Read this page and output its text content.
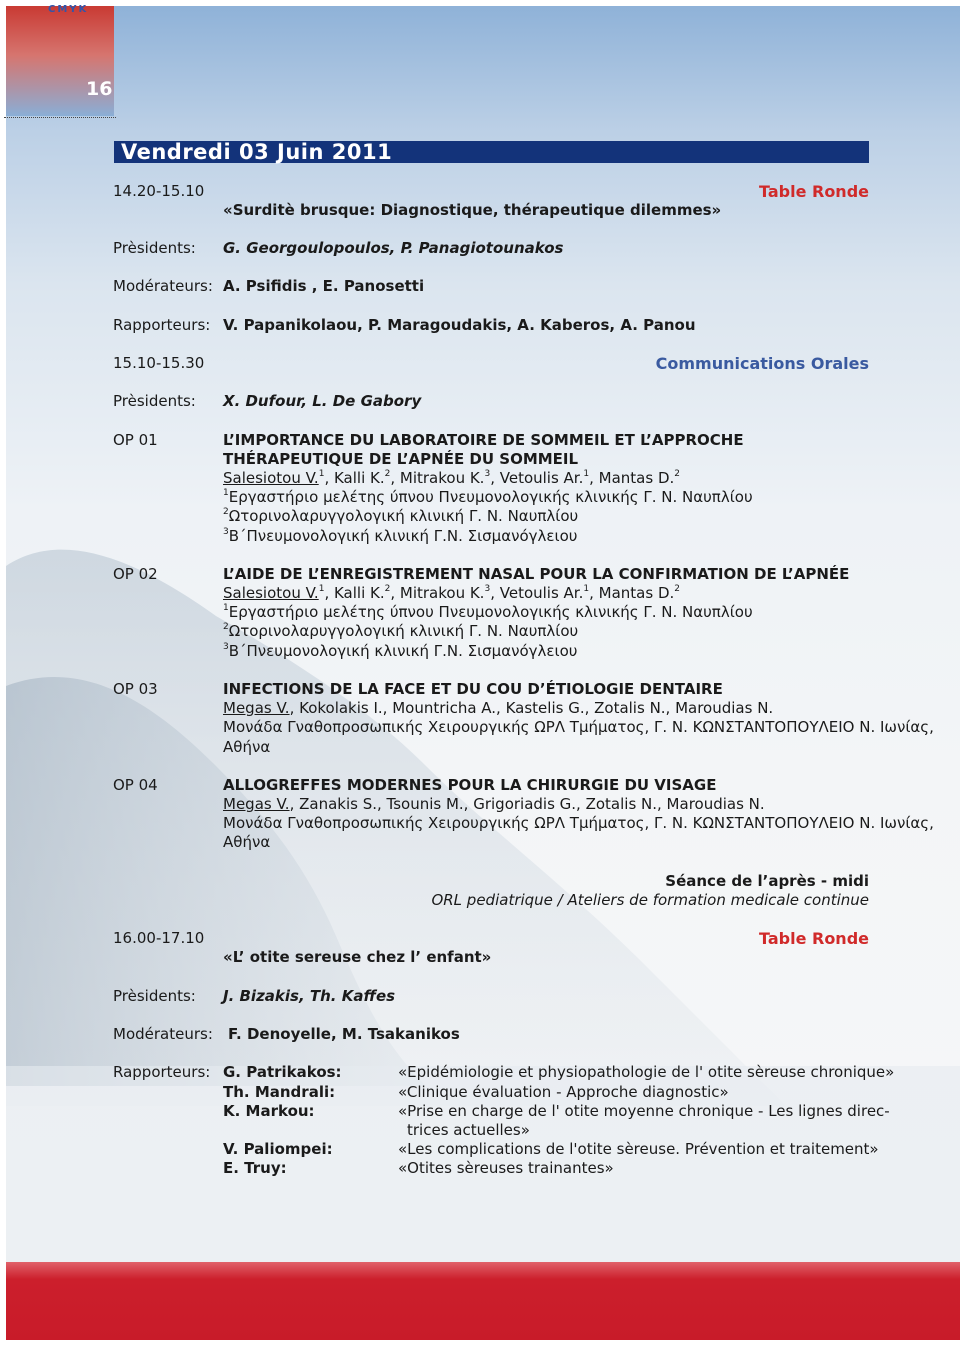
CMYK
16
Vendredi 03 Juin 2011
14.20-15.10	Table Ronde
«Surditè brusque: Diagnostique, thérapeutique dilemmes»
Prèsidents: G. Georgoulopoulos, P. Panagiotounakos
Modérateurs: A. Psifidis , E. Panosetti
Rapporteurs: V. Papanikolaou, P. Maragoudakis, A. Kaberos, A. Panou
15.10-15.30	Communications Orales
Prèsidents: X. Dufour, L. De Gabory
OP 01	L’IMPORTANCE DU LABORATOIRE DE SOMMEIL ET L’APPROCHE
THÉRAPEUTIQUE DE L’APNÉE DU SOMMEIL
Salesiotou V.$^1$, Kalli K.$^2$, Mitrakou K.$^3$, Vetoulis Ar.$^1$, Mantas D.$^2$
$^1$Εργαστήριο μελέτης ύπνου Πνευμονολογικής κλινικής Γ. Ν. Ναυπλίου
$^2$Ωτορινολαρυγγολογική κλινική Γ. Ν. Ναυπλίου
$^3$Β΄Πνευμονολογική κλινική Γ.Ν. Σισμανόγλειου
OP 02	L’AIDE DE L’ENREGISTREMENT NASAL POUR LA CONFIRMATION DE L’APNÉE
Salesiotou V.$^1$, Kalli K.$^2$, Mitrakou K.$^3$, Vetoulis Ar.$^1$, Mantas D.$^2$
$^1$Εργαστήριο μελέτης ύπνου Πνευμονολογικής κλινικής Γ. Ν. Ναυπλίου
$^2$Ωτορινολαρυγγολογική κλινική Γ. Ν. Ναυπλίου
$^3$Β΄Πνευμονολογική κλινική Γ.Ν. Σισμανόγλειου
OP 03	INFECTIONS DE LA FACE ET DU COU D’ÉTIOLOGIE DENTAIRE
Megas V., Kokolakis I., Mountricha A., Kastelis G., Zotalis N., Maroudias N.
Μονάδα Γναθοπροσωπικής Χειρουργικής ΩΡΛ Τμήματος, Γ. Ν. ΚΩΝΣΤΑΝΤΟΠΟΥΛΕΙΟ Ν. Ιωνίας,
Αθήνα
OP 04	ALLOGREFFES MODERNES POUR LA CHIRURGIE DU VISAGE
Megas V., Zanakis S., Tsounis M., Grigoriadis G., Zotalis N., Maroudias N.
Μονάδα Γναθοπροσωπικής Χειρουργικής ΩΡΛ Τμήματος, Γ. Ν. ΚΩΝΣΤΑΝΤΟΠΟΥΛΕΙΟ Ν. Ιωνίας,
Αθήνα
Séance de l’après - midi
ORL pediatrique / Ateliers de formation medicale continue
16.00-17.10	Table Ronde
«L’ otite sereuse chez l’ enfant»
Prèsidents: J. Bizakis, Th. Kaffes
Modérateurs: F. Denoyelle, M. Tsakanikos
Rapporteurs: G. Patrikakos:	«Epidémiologie et physiopathologie de l' otite sèreuse chronique»
Th. Mandrali:	«Clinique évaluation - Approche diagnostic»
K. Markou:	«Prise en charge de l' otite moyenne chronique - Les lignes direc-
trices actuelles»
V. Paliompei:	«Les complications de l'otite sèreuse. Prévention et traitement»
E. Truy:	«Otites sèreuses trainantes»
